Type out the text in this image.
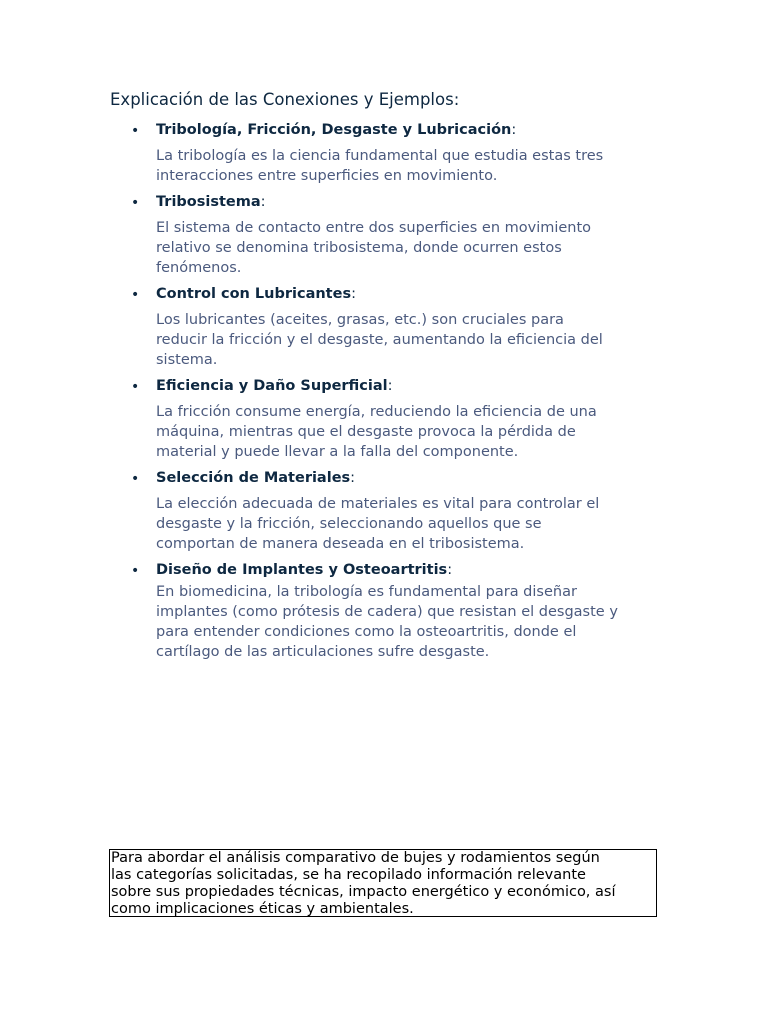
Explicación de las Conexiones y Ejemplos:
• Tribología, Fricción, Desgaste y Lubricación:
La tribología es la ciencia fundamental que estudia estas tres
interacciones entre superficies en movimiento.
• Tribosistema:
El sistema de contacto entre dos superficies en movimiento
relativo se denomina tribosistema, donde ocurren estos
fenómenos.
• Control con Lubricantes:
Los lubricantes (aceites, grasas, etc.) son cruciales para
reducir la fricción y el desgaste, aumentando la eficiencia del
sistema.
• Eficiencia y Daño Superficial:
La fricción consume energía, reduciendo la eficiencia de una
máquina, mientras que el desgaste provoca la pérdida de
material y puede llevar a la falla del componente.
• Selección de Materiales:
La elección adecuada de materiales es vital para controlar el
desgaste y la fricción, seleccionando aquellos que se
comportan de manera deseada en el tribosistema.
• Diseño de Implantes y Osteoartritis:
En biomedicina, la tribología es fundamental para diseñar
implantes (como prótesis de cadera) que resistan el desgaste y
para entender condiciones como la osteoartritis, donde el
cartílago de las articulaciones sufre desgaste.
Para abordar el análisis comparativo de bujes y rodamientos según
las categorías solicitadas, se ha recopilado información relevante
sobre sus propiedades técnicas, impacto energético y económico, así
como implicaciones éticas y ambientales.
